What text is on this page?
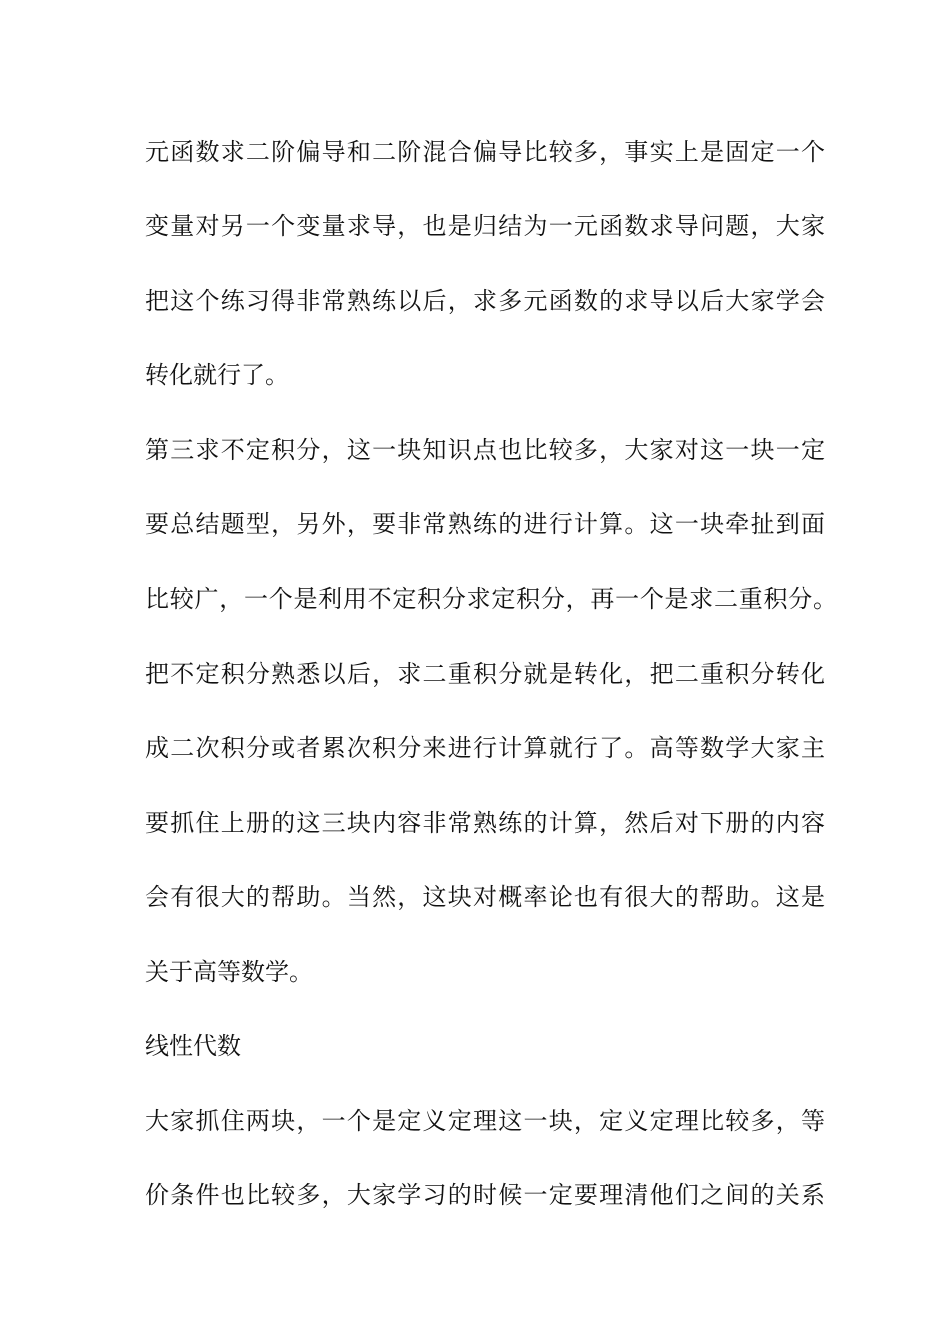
元函数求二阶偏导和二阶混合偏导比较多，事实上是固定一个
变量对另一个变量求导，也是归结为一元函数求导问题，大家
把这个练习得非常熟练以后，求多元函数的求导以后大家学会
转化就行了。
第三求不定积分，这一块知识点也比较多，大家对这一块一定
要总结题型，另外，要非常熟练的进行计算。这一块牵扯到面
比较广，一个是利用不定积分求定积分，再一个是求二重积分。
把不定积分熟悉以后，求二重积分就是转化，把二重积分转化
成二次积分或者累次积分来进行计算就行了。高等数学大家主
要抓住上册的这三块内容非常熟练的计算，然后对下册的内容
会有很大的帮助。当然，这块对概率论也有很大的帮助。这是
关于高等数学。
线性代数
大家抓住两块，一个是定义定理这一块，定义定理比较多，等
价条件也比较多，大家学习的时候一定要理清他们之间的关系
